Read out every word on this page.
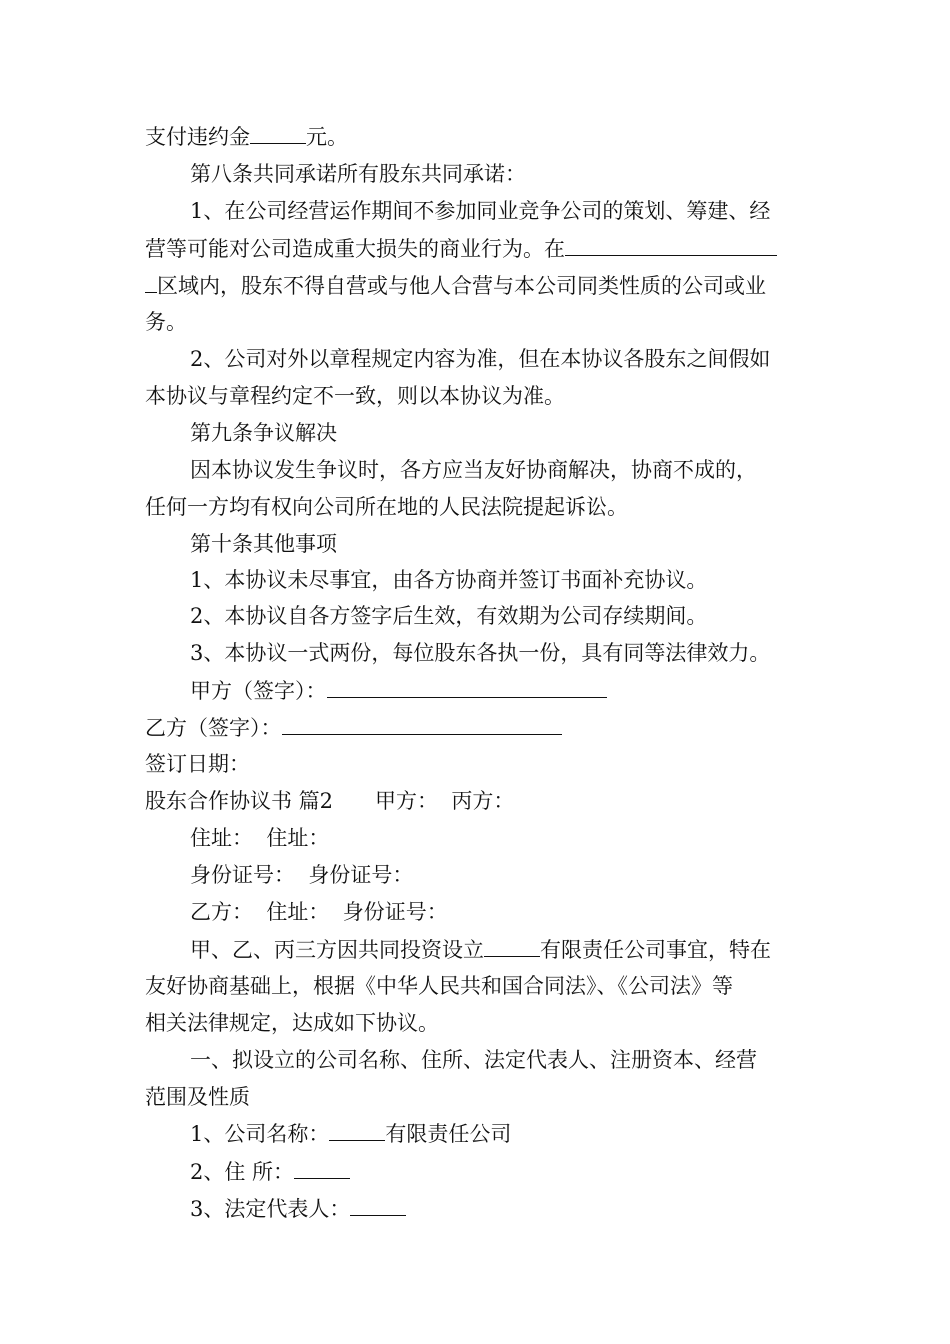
支付违约金	元。
第八条共同承诺所有股东共同承诺：
1、在公司经营运作期间不参加同业竞争公司的策划、筹建、经
营等可能对公司造成重大损失的商业行为。在
区域内，股东不得自营或与他人合营与本公司同类性质的公司或业
务。
2、公司对外以章程规定内容为准，但在本协议各股东之间假如
本协议与章程约定不一致，则以本协议为准。
第九条争议解决
因本协议发生争议时，各方应当友好协商解决，协商不成的，
任何一方均有权向公司所在地的人民法院提起诉讼。
第十条其他事项
1、本协议未尽事宜，由各方协商并签订书面补充协议。
2、本协议自各方签字后生效，有效期为公司存续期间。
3、本协议一式两份，每位股东各执一份，具有同等法律效力。
甲方（签字）：
乙方（签字）：
签订日期：
股东合作协议书 篇2　　甲方：  丙方：
住址：  住址：
身份证号：  身份证号：
乙方：  住址：  身份证号：
甲、乙、丙三方因共同投资设立	有限责任公司事宜，特在
友好协商基础上，根据《中华人民共和国合同法》、《公司法》等
相关法律规定，达成如下协议。
一、拟设立的公司名称、住所、法定代表人、注册资本、经营
范围及性质
1、公司名称：	有限责任公司
2、住 所：
3、法定代表人：
